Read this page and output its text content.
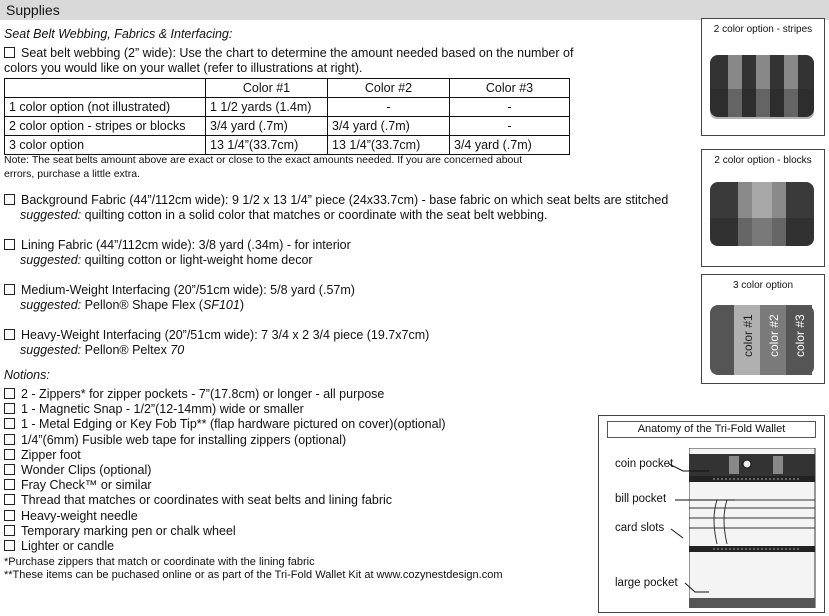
Supplies
Seat Belt Webbing, Fabrics & Interfacing:
Seat belt webbing (2” wide): Use the chart to determine the amount needed based on the number of
colors you would like on your wallet (refer to illustrations at right).
	Color #1	Color #2	Color #3
1 color option (not illustrated)	1 1/2 yards (1.4m)	-	-
2 color option - stripes or blocks	3/4 yard (.7m)	3/4 yard (.7m)	-
3 color option	13 1/4”(33.7cm)	13 1/4”(33.7cm)	3/4 yard (.7m)
Note: The seat belts amount above are exact or close to the exact amounts needed. If you are concerned about
errors, purchase a little extra.
Background Fabric (44”/112cm wide): 9 1/2 x 13 1/4” piece (24x33.7cm) - base fabric on which seat belts are stitched
suggested: quilting cotton in a solid color that matches or coordinate with the seat belt webbing.
Lining Fabric (44”/112cm wide): 3/8 yard (.34m) - for interior
suggested: quilting cotton or light-weight home decor
Medium-Weight Interfacing (20”/51cm wide): 5/8 yard (.57m)
suggested: Pellon® Shape Flex (SF101)
Heavy-Weight Interfacing (20”/51cm wide): 7 3/4 x 2 3/4 piece (19.7x7cm)
suggested: Pellon® Peltex 70
Notions:
2 - Zippers* for zipper pockets - 7”(17.8cm) or longer - all purpose
1 - Magnetic Snap - 1/2”(12-14mm) wide or smaller
1 - Metal Edging or Key Fob Tip** (flap hardware pictured on cover)(optional)
1/4”(6mm) Fusible web tape for installing zippers (optional)
Zipper foot
Wonder Clips (optional)
Fray Check™ or similar
Thread that matches or coordinates with seat belts and lining fabric
Heavy-weight needle
Temporary marking pen or chalk wheel
Lighter or candle
*Purchase zippers that match or coordinate with the lining fabric
**These items can be puchased online or as part of the Tri-Fold Wallet Kit at www.cozynestdesign.com
2 color option - stripes
2 color option - blocks
3 color option
color #1 color #2 color #3
Anatomy of the Tri-Fold Wallet
coin pocket
bill pocket
card slots
large pocket
